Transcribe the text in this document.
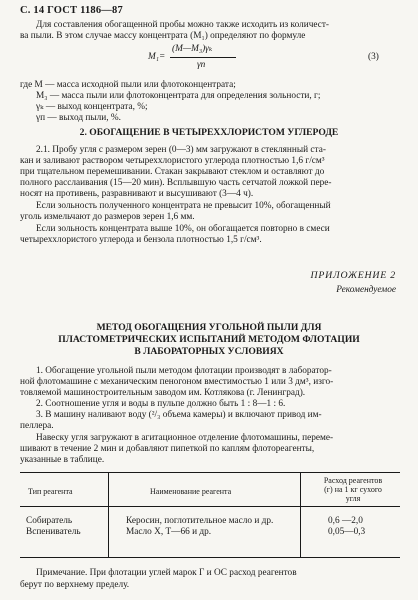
С. 14 ГОСТ 1186—87
Для составления обогащенной пробы можно также исходить из количест-
ва пыли. В этом случае массу концентрата (M₁) определяют по формуле
M₁=
(M—M₃)γₖ
γп
(3)
где M — масса исходной пыли или флотоконцентрата;
M₃ — масса пыли или флотоконцентрата для определения зольности, г;
γₖ — выход концентрата, %;
γп — выход пыли, %.
2. ОБОГАЩЕНИЕ В ЧЕТЫРЕХХЛОРИСТОМ УГЛЕРОДЕ
2.1. Пробу угля с размером зерен (0—3) мм загружают в стеклянный ста-
кан и заливают раствором четыреххлористого углерода плотностью 1,6 г/см³
при тщательном перемешивании. Стакан закрывают стеклом и оставляют до
полного расслаивания (15—20 мин). Всплывшую часть сетчатой ложкой пере-
носят на противень, разравнивают и высушивают (3—4 ч).
Если зольность полученного концентрата не превысит 10%, обогащенный
уголь измельчают до размеров зерен 1,6 мм.
Если зольность концентрата выше 10%, он обогащается повторно в смеси
четыреххлористого углерода и бензола плотностью 1,5 г/см³.
ПРИЛОЖЕНИЕ 2
Рекомендуемое
МЕТОД ОБОГАЩЕНИЯ УГОЛЬНОЙ ПЫЛИ ДЛЯ
ПЛАСТОМЕТРИЧЕСКИХ ИСПЫТАНИЙ МЕТОДОМ ФЛОТАЦИИ
В ЛАБОРАТОРНЫХ УСЛОВИЯХ
1. Обогащение угольной пыли методом флотации производят в лаборатор-
ной флотомашине с механическим пеногоном вместимостью 1 или 3 дм³, изго-
товляемой машиностроительным заводом им. Котлякова (г. Ленинград).
2. Соотношение угля и воды в пульпе должно быть 1 : 8—1 : 6.
3. В машину наливают воду (²/₃ объема камеры) и включают привод им-
пеллера.
Навеску угля загружают в агитационное отделение флотомашины, переме-
шивают в течение 2 мин и добавляют пипеткой по каплям флотореагенты,
указанные в таблице.
Тип реагента	Наименование реагента
Расход реагентов
(г) на 1 кг сухого
угля
Собиратель	Керосин, поглотительное масло и др.	0,6 —2,0
Вспениватель	Масло Х, Т—66 и др.	0,05—0,3
Примечание. При флотации углей марок Г и ОС расход реагентов
берут по верхнему пределу.
